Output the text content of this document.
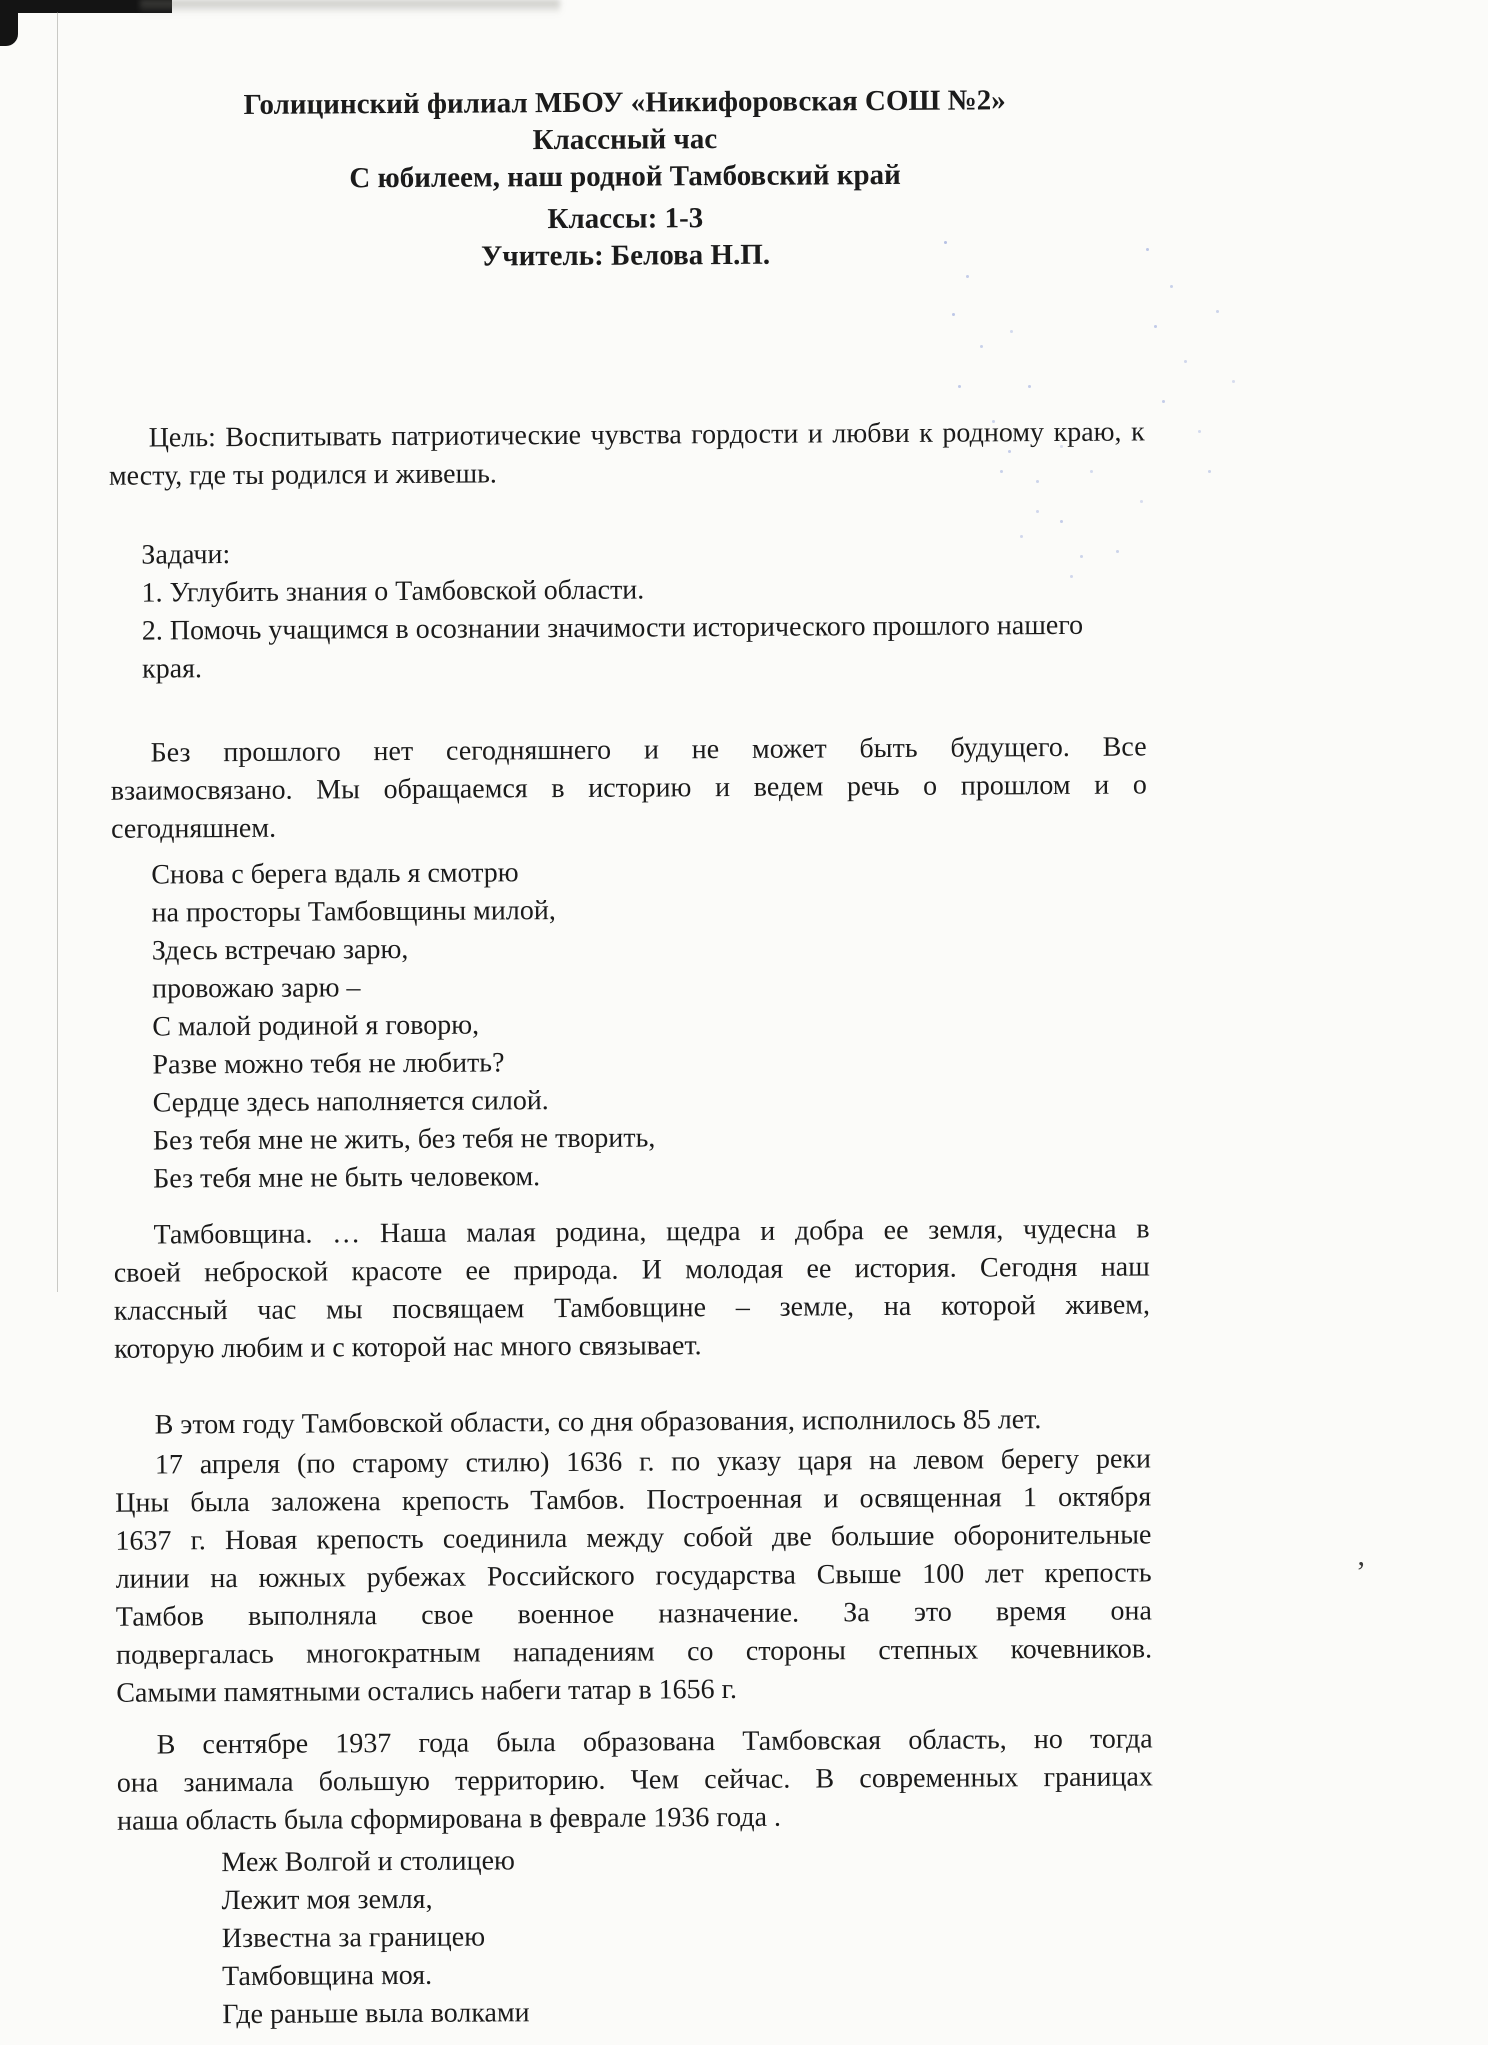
ʼ
Голицинский филиал МБОУ «Никифоровская СОШ №2»
Классный час
С юбилеем, наш родной Тамбовский край
Классы: 1-3
Учитель: Белова Н.П.
Цель: Воспитывать патриотические чувства гордости и любви к родному краю, к
месту, где ты родился и живешь.
Задачи:
1. Углубить знания о Тамбовской области.
2. Помочь учащимся в осознании значимости исторического прошлого нашего края.
Без прошлого нет сегодняшнего и не может быть будущего. Все
взаимосвязано. Мы обращаемся в историю и ведем речь о прошлом и о
сегодняшнем.
Снова с берега вдаль я смотрю
на просторы Тамбовщины милой,
Здесь встречаю зарю,
провожаю зарю –
С малой родиной я говорю,
Разве можно тебя не любить?
Сердце здесь наполняется силой.
Без тебя мне не жить, без тебя не творить,
Без тебя мне не быть человеком.
Тамбовщина. … Наша малая родина, щедра и добра ее земля, чудесна в
своей неброской красоте ее природа. И молодая ее история. Сегодня наш
классный час мы посвящаем Тамбовщине – земле, на которой живем,
которую любим и с которой нас много связывает.
В этом году Тамбовской области, со дня образования, исполнилось 85 лет.
17 апреля (по старому стилю) 1636 г. по указу царя на левом берегу реки
Цны была заложена крепость Тамбов. Построенная и освященная 1 октября
1637 г. Новая крепость соединила между собой две большие оборонительные
линии на южных рубежах Российского государства Свыше 100 лет крепость
Тамбов выполняла свое военное назначение. За это время она
подвергалась многократным нападениям со стороны степных кочевников.
Самыми памятными остались набеги татар в 1656 г.
В сентябре 1937 года была образована Тамбовская область, но тогда
она занимала большую территорию. Чем сейчас. В современных границах
наша область была сформирована в феврале 1936 года .
Меж Волгой и столицею
Лежит моя земля,
Известна за границею
Тамбовщина моя.
Где раньше выла волками
